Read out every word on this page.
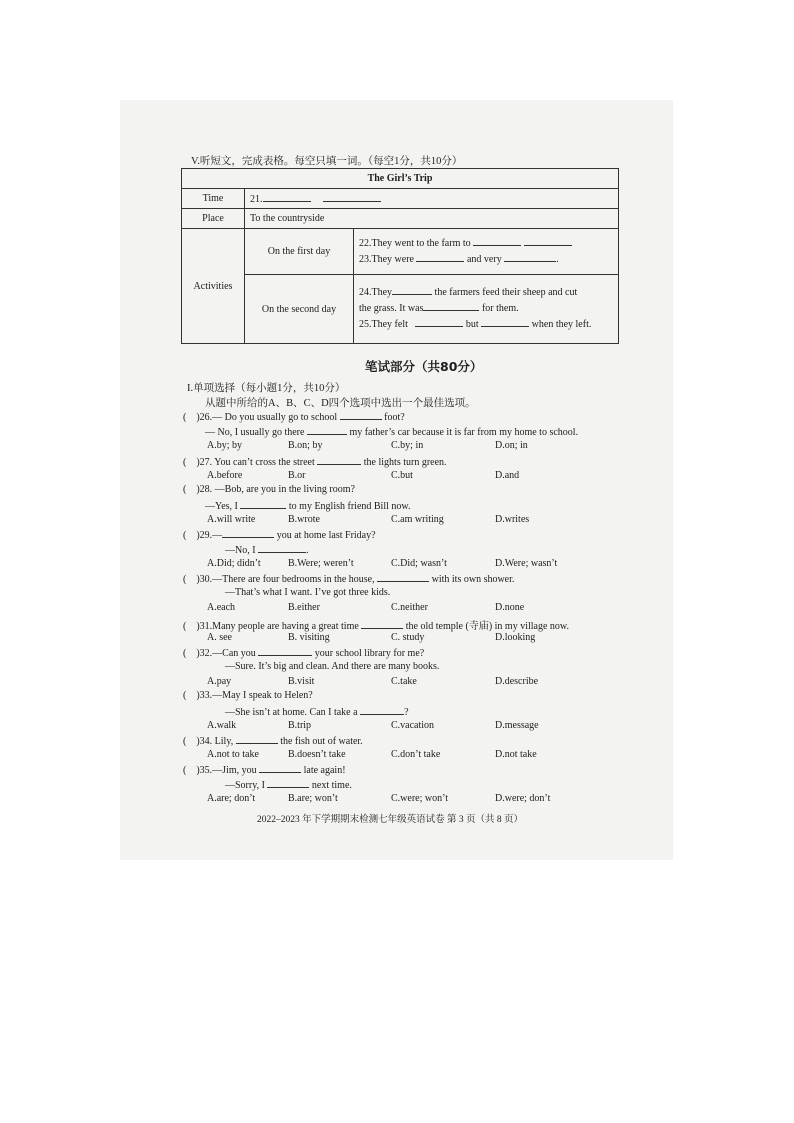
V.听短文，完成表格。每空只填一词。（每空1分，共10分）
The Girl’s Trip		
Time	21.	
Place	To the countryside	
Activities	On the first day	22.They went to the farm to
23.They were and very .

	On the second day	24.They the farmers feed their sheep and cut
the grass. It was for them.
25.They felt but when they left.
笔试部分（共80分）
I.单项选择（每小题1分，共10分）
从题中所给的A、B、C、D四个选项中选出一个最佳选项。
( )26.— Do you usually go to school	foot?
— No, I usually go there	my father’s car because it is far from my home to school.
A.by; by	B.on; by	C.by; in	D.on; in
( )27. You can’t cross the street	the lights turn green.
A.before	B.or	C.but	D.and
( )28. —Bob, are you in the living room?
—Yes, I	to my English friend Bill now.
A.will write	B.wrote	C.am writing	D.writes
( )29.—	you at home last Friday?
—No, I	.
A.Did; didn’t	B.Were; weren’t	C.Did; wasn’t	D.Were; wasn’t
( )30.—There are four bedrooms in the house,	with its own shower.
—That’s what I want. I’ve got three kids.
A.each	B.either	C.neither	D.none
( )31.Many people are having a great time	the old temple (寺庙) in my village now.
A. see	B. visiting	C. study	D.looking
( )32.—Can you	your school library for me?
—Sure. It’s big and clean. And there are many books.
A.pay	B.visit	C.take	D.describe
( )33.—May I speak to Helen?
—She isn’t at home. Can I take a	?
A.walk	B.trip	C.vacation	D.message
( )34. Lily,	the fish out of water.
A.not to take	B.doesn’t take	C.don’t take	D.not take
( )35.—Jim, you	late again!
—Sorry, I	next time.
A.are; don’t	B.are; won’t	C.were; won’t	D.were; don’t
2022–2023 年下学期期末检测七年级英语试卷 第 3 页（共 8 页）
